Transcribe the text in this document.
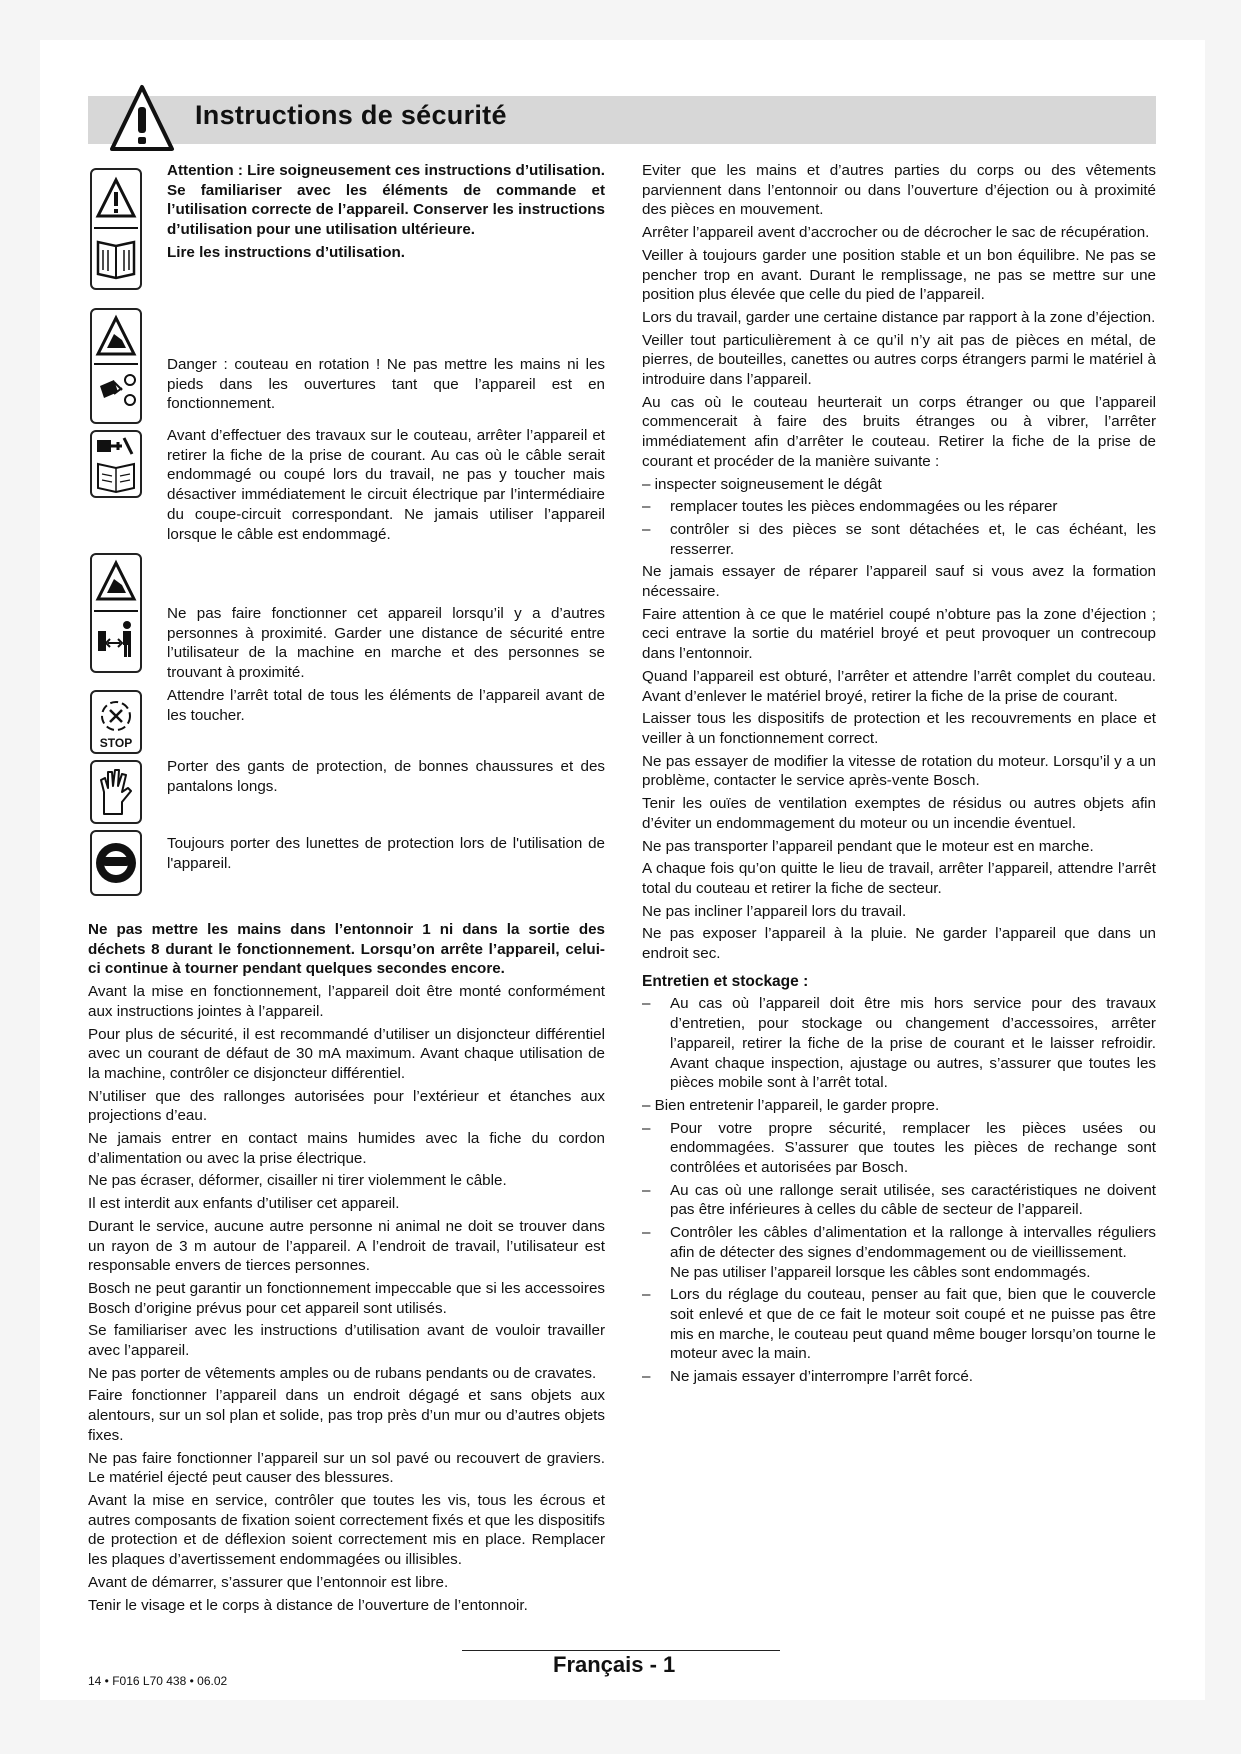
Instructions de sécurité
STOP

Attention : Lire soigneusement ces instructions d’utilisation. Se familiariser avec les éléments de commande et l’utilisation correcte de l’appareil. Conserver les instructions d’utilisation pour une utilisation ultérieure.

Lire les instructions d’utilisation.

Danger : couteau en rotation ! Ne pas mettre les mains ni les pieds dans les ouvertures tant que l’appareil est en fonctionnement.

Avant d’effectuer des travaux sur le couteau, arrêter l’appareil et retirer la fiche de la prise de courant. Au cas où le câble serait endommagé ou coupé lors du travail, ne pas y toucher mais désactiver immédiatement le circuit électrique par l’intermédiaire du coupe-circuit correspondant. Ne jamais utiliser l’appareil lorsque le câble est endommagé.

Ne pas faire fonctionner cet appareil lorsqu’il y a d’autres personnes à proximité. Garder une distance de sécurité entre l’utilisateur de la machine en marche et des personnes se trouvant à proximité.

Attendre l’arrêt total de tous les éléments de l’appareil avant de les toucher.

Porter des gants de protection, de bonnes chaussures et des pantalons longs.

Toujours porter des lunettes de protection lors de l'utilisation de l'appareil.

Ne pas mettre les mains dans l’entonnoir 1 ni dans la sortie des déchets 8 durant le fonctionnement. Lorsqu’on arrête l’appareil, celui-ci continue à tourner pendant quelques secondes encore.

Avant la mise en fonctionnement, l’appareil doit être monté conformément aux instructions jointes à l’appareil.

Pour plus de sécurité, il est recommandé d’utiliser un disjoncteur différentiel avec un courant de défaut de 30 mA maximum. Avant chaque utilisation de la machine, contrôler ce disjoncteur différentiel.

N’utiliser que des rallonges autorisées pour l’extérieur et étanches aux projections d’eau.

Ne jamais entrer en contact mains humides avec la fiche du cordon d’alimentation ou avec la prise électrique.

Ne pas écraser, déformer, cisailler ni tirer violemment le câble.

Il est interdit aux enfants d’utiliser cet appareil.

Durant le service, aucune autre personne ni animal ne doit se trouver dans un rayon de 3 m autour de l’appareil. A l’endroit de travail, l’utilisateur est responsable envers de tierces personnes.

Bosch ne peut garantir un fonctionnement impeccable que si les accessoires Bosch d’origine prévus pour cet appareil sont utilisés.

Se familiariser avec les instructions d’utilisation avant de vouloir travailler avec l’appareil.

Ne pas porter de vêtements amples ou de rubans pendants ou de cravates.

Faire fonctionner l’appareil dans un endroit dégagé et sans objets aux alentours, sur un sol plan et solide, pas trop près d’un mur ou d’autres objets fixes.

Ne pas faire fonctionner l’appareil sur un sol pavé ou recouvert de graviers. Le matériel éjecté peut causer des blessures.

Avant la mise en service, contrôler que toutes les vis, tous les écrous et autres composants de fixation soient correctement fixés et que les dispositifs de protection et de déflexion soient correctement mis en place. Remplacer les plaques d’avertissement endommagées ou illisibles.

Avant de démarrer, s’assurer que l’entonnoir est libre.

Tenir le visage et le corps à distance de l’ouverture de l’entonnoir.

Eviter que les mains et d’autres parties du corps ou des vêtements parviennent dans l’entonnoir ou dans l’ouverture d’éjection ou à proximité des pièces en mouvement.

Arrêter l’appareil avent d’accrocher ou de décrocher le sac de récupération.

Veiller à toujours garder une position stable et un bon équilibre. Ne pas se pencher trop en avant. Durant le remplissage, ne pas se mettre sur une position plus élevée que celle du pied de l’appareil.

Lors du travail, garder une certaine distance par rapport à la zone d’éjection.

Veiller tout particulièrement à ce qu’il n’y ait pas de pièces en métal, de pierres, de bouteilles, canettes ou autres corps étrangers parmi le matériel à introduire dans l’appareil.

Au cas où le couteau heurterait un corps étranger ou que l’appareil commencerait à faire des bruits étranges ou à vibrer, l’arrêter immédiatement afin d’arrêter le couteau. Retirer la fiche de la prise de courant et procéder de la manière suivante :

– inspecter soigneusement le dégât

–	remplacer toutes les pièces endommagées ou les réparer
–	contrôler si des pièces se sont détachées et, le cas échéant, les resserrer.

Ne jamais essayer de réparer l’appareil sauf si vous avez la formation nécessaire.

Faire attention à ce que le matériel coupé n’obture pas la zone d’éjection ; ceci entrave la sortie du matériel broyé et peut provoquer un contrecoup dans l’entonnoir.

Quand l’appareil est obturé, l’arrêter et attendre l’arrêt complet du couteau. Avant d’enlever le matériel broyé, retirer la fiche de la prise de courant.

Laisser tous les dispositifs de protection et les recouvrements en place et veiller à un fonctionnement correct.

Ne pas essayer de modifier la vitesse de rotation du moteur. Lorsqu’il y a un problème, contacter le service après-vente Bosch.

Tenir les ouïes de ventilation exemptes de résidus ou autres objets afin d’éviter un endommagement du moteur ou un incendie éventuel.

Ne pas transporter l’appareil pendant que le moteur est en marche.

A chaque fois qu’on quitte le lieu de travail, arrêter l’appareil, attendre l’arrêt total du couteau et retirer la fiche de secteur.

Ne pas incliner l’appareil lors du travail.

Ne pas exposer l’appareil à la pluie. Ne garder l’appareil que dans un endroit sec.

Entretien et stockage :

–	Au cas où l’appareil doit être mis hors service pour des travaux d’entretien, pour stockage ou changement d’accessoires, arrêter l’appareil, retirer la fiche de la prise de courant et le laisser refroidir. Avant chaque inspection, ajustage ou autres, s’assurer que toutes les pièces mobile sont à l’arrêt total.

– Bien entretenir l’appareil, le garder propre.

–	Pour votre propre sécurité, remplacer les pièces usées ou endommagées. S’assurer que toutes les pièces de rechange sont contrôlées et autorisées par Bosch.
–	Au cas où une rallonge serait utilisée, ses caractéristiques ne doivent pas être inférieures à celles du câble de secteur de l’appareil.
–	Contrôler les câbles d’alimentation et la rallonge à intervalles réguliers afin de détecter des signes d’endommagement ou de vieillissement.
Ne pas utiliser l’appareil lorsque les câbles sont endommagés.
–	Lors du réglage du couteau, penser au fait que, bien que le couvercle soit enlevé et que de ce fait le moteur soit coupé et ne puisse pas être mis en marche, le couteau peut quand même bouger lorsqu’on tourne le moteur avec la main.
–	Ne jamais essayer d’interrompre l’arrêt forcé.
14 • F016 L70 438 • 06.02
Français - 1
